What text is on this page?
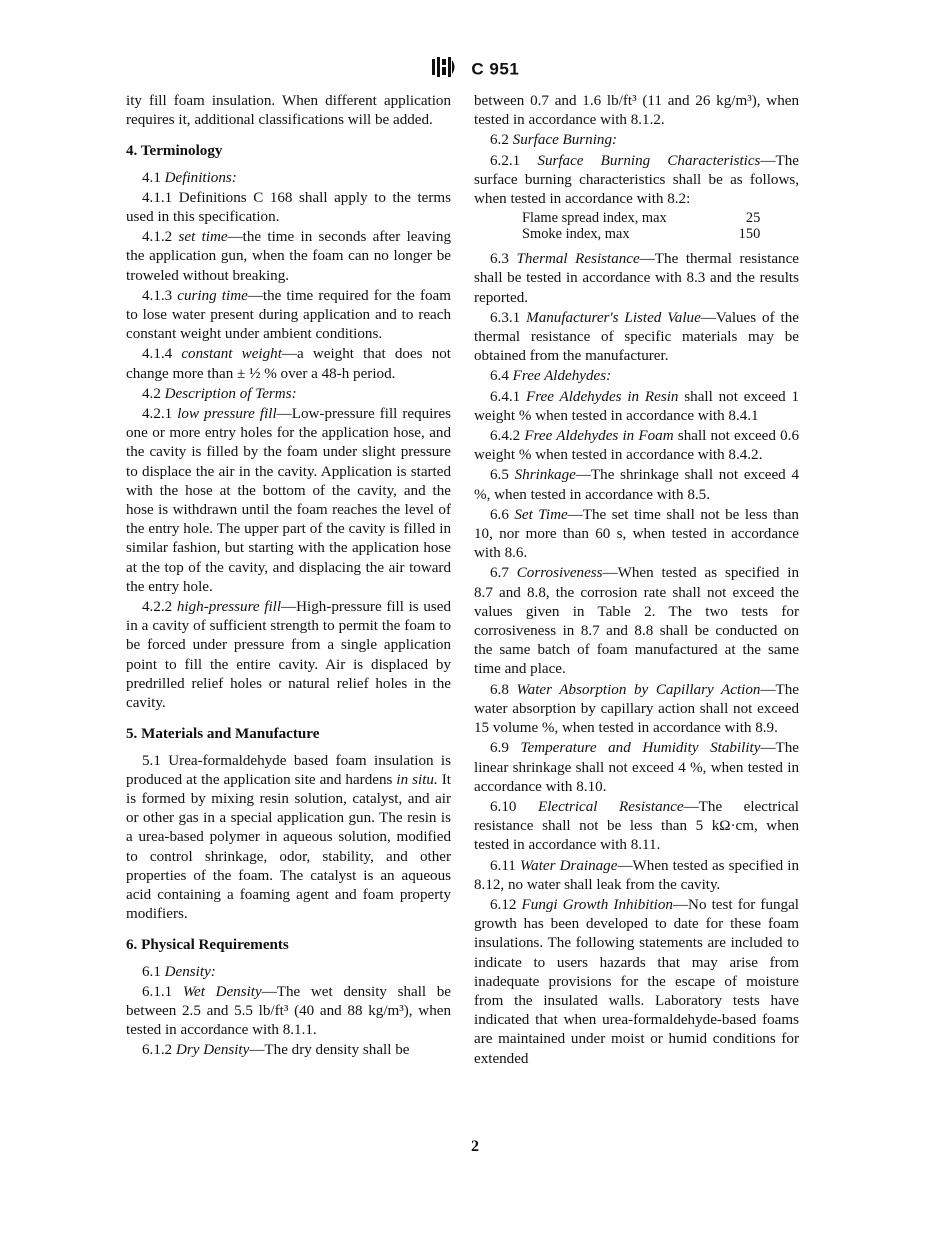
C 951

ity fill foam insulation. When different application requires it, additional classifications will be added.

4. Terminology

4.1 Definitions:

4.1.1 Definitions C 168 shall apply to the terms used in this specification.

4.1.2 set time—the time in seconds after leaving the application gun, when the foam can no longer be troweled without breaking.

4.1.3 curing time—the time required for the foam to lose water present during application and to reach constant weight under ambient conditions.

4.1.4 constant weight—a weight that does not change more than ± ½ % over a 48-h period.

4.2 Description of Terms:

4.2.1 low pressure fill—Low-pressure fill requires one or more entry holes for the application hose, and the cavity is filled by the foam under slight pressure to displace the air in the cavity. Application is started with the hose at the bottom of the cavity, and the hose is withdrawn until the foam reaches the level of the entry hole. The upper part of the cavity is filled in similar fashion, but starting with the application hose at the top of the cavity, and displacing the air toward the entry hole.

4.2.2 high-pressure fill—High-pressure fill is used in a cavity of sufficient strength to permit the foam to be forced under pressure from a single application point to fill the entire cavity. Air is displaced by predrilled relief holes or natural relief holes in the cavity.

5. Materials and Manufacture

5.1 Urea-formaldehyde based foam insulation is produced at the application site and hardens in situ. It is formed by mixing resin solution, catalyst, and air or other gas in a special application gun. The resin is a urea-based polymer in aqueous solution, modified to control shrinkage, odor, stability, and other properties of the foam. The catalyst is an aqueous acid containing a foaming agent and foam property modifiers.

6. Physical Requirements

6.1 Density:

6.1.1 Wet Density—The wet density shall be between 2.5 and 5.5 lb/ft³ (40 and 88 kg/m³), when tested in accordance with 8.1.1.

6.1.2 Dry Density—The dry density shall be

between 0.7 and 1.6 lb/ft³ (11 and 26 kg/m³), when tested in accordance with 8.1.2.

6.2 Surface Burning:

6.2.1 Surface Burning Characteristics—The surface burning characteristics shall be as follows, when tested in accordance with 8.2:

Flame spread index, max	25
Smoke index, max	150

6.3 Thermal Resistance—The thermal resistance shall be tested in accordance with 8.3 and the results reported.

6.3.1 Manufacturer's Listed Value—Values of the thermal resistance of specific materials may be obtained from the manufacturer.

6.4 Free Aldehydes:

6.4.1 Free Aldehydes in Resin shall not exceed 1 weight % when tested in accordance with 8.4.1

6.4.2 Free Aldehydes in Foam shall not exceed 0.6 weight % when tested in accordance with 8.4.2.

6.5 Shrinkage—The shrinkage shall not exceed 4 %, when tested in accordance with 8.5.

6.6 Set Time—The set time shall not be less than 10, nor more than 60 s, when tested in accordance with 8.6.

6.7 Corrosiveness—When tested as specified in 8.7 and 8.8, the corrosion rate shall not exceed the values given in Table 2. The two tests for corrosiveness in 8.7 and 8.8 shall be conducted on the same batch of foam manufactured at the same time and place.

6.8 Water Absorption by Capillary Action—The water absorption by capillary action shall not exceed 15 volume %, when tested in accordance with 8.9.

6.9 Temperature and Humidity Stability—The linear shrinkage shall not exceed 4 %, when tested in accordance with 8.10.

6.10 Electrical Resistance—The electrical resistance shall not be less than 5 kΩ·cm, when tested in accordance with 8.11.

6.11 Water Drainage—When tested as specified in 8.12, no water shall leak from the cavity.

6.12 Fungi Growth Inhibition—No test for fungal growth has been developed to date for these foam insulations. The following statements are included to indicate to users hazards that may arise from inadequate provisions for the escape of moisture from the insulated walls. Laboratory tests have indicated that when urea-formaldehyde-based foams are maintained under moist or humid conditions for extended

2
